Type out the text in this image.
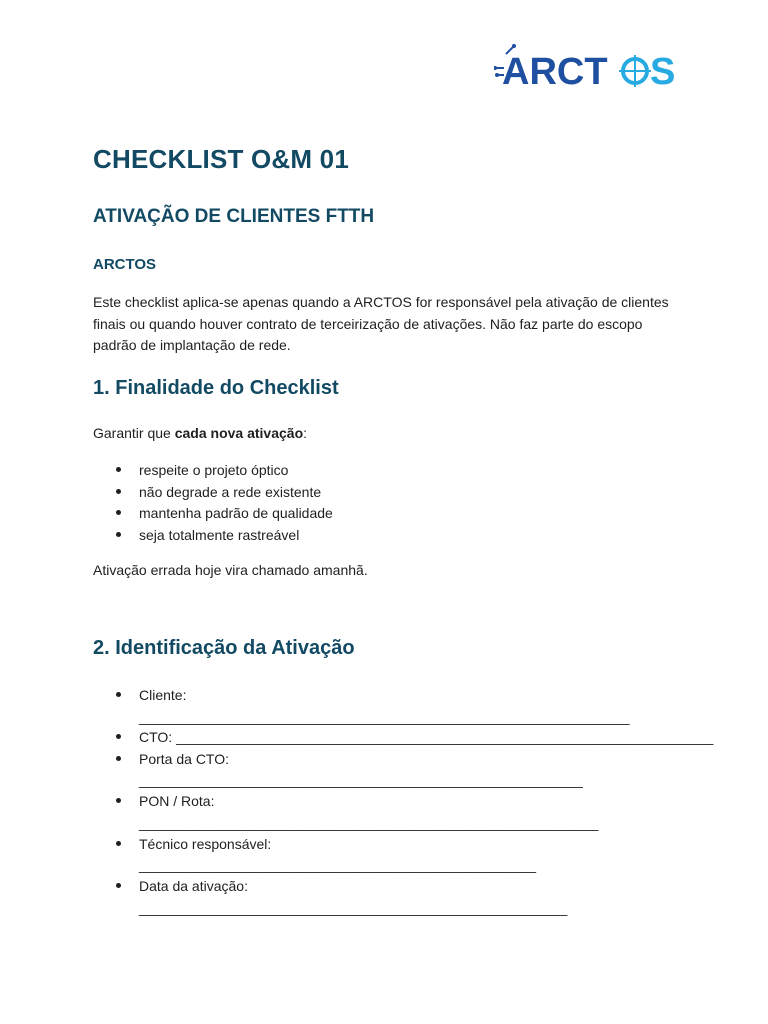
ARCT S
CHECKLIST O&M 01
ATIVAÇÃO DE CLIENTES FTTH
ARCTOS

Este checklist aplica-se apenas quando a ARCTOS for responsável pela ativação de clientes finais ou quando houver contrato de terceirização de ativações. Não faz parte do escopo padrão de implantação de rede.

1. Finalidade do Checklist

Garantir que cada nova ativação:

respeite o projeto óptico
não degrade a rede existente
mantenha padrão de qualidade
seja totalmente rastreável

Ativação errada hoje vira chamado amanhã.

2. Identificação da Ativação
Cliente:
_______________________________________________________________
CTO: _____________________________________________________________________
Porta da CTO:
_________________________________________________________
PON / Rota:
___________________________________________________________
Técnico responsável:
___________________________________________________
Data da ativação:
_______________________________________________________
